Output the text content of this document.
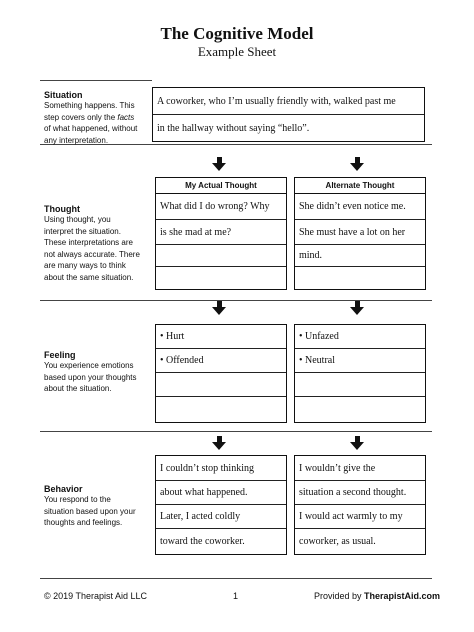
The Cognitive Model
Example Sheet
Situation
Something happens. This
step covers only the facts
of what happened, without
any interpretation.
A coworker, who I’m usually friendly with, walked past me
in the hallway without saying “hello”.
Thought
Using thought, you
interpret the situation.
These interpretations are
not always accurate. There
are many ways to think
about the same situation.
My Actual Thought
What did I do wrong? Why
is she mad at me?
Alternate Thought
She didn’t even notice me.
She must have a lot on her
mind.
Feeling
You experience emotions
based upon your thoughts
about the situation.
• Hurt
• Offended
• Unfazed
• Neutral
Behavior
You respond to the
situation based upon your
thoughts and feelings.
I couldn’t stop thinking
about what happened.
Later, I acted coldly
toward the coworker.
I wouldn’t give the
situation a second thought.
I would act warmly to my
coworker, as usual.
© 2019 Therapist Aid LLC	1	Provided by TherapistAid.com
